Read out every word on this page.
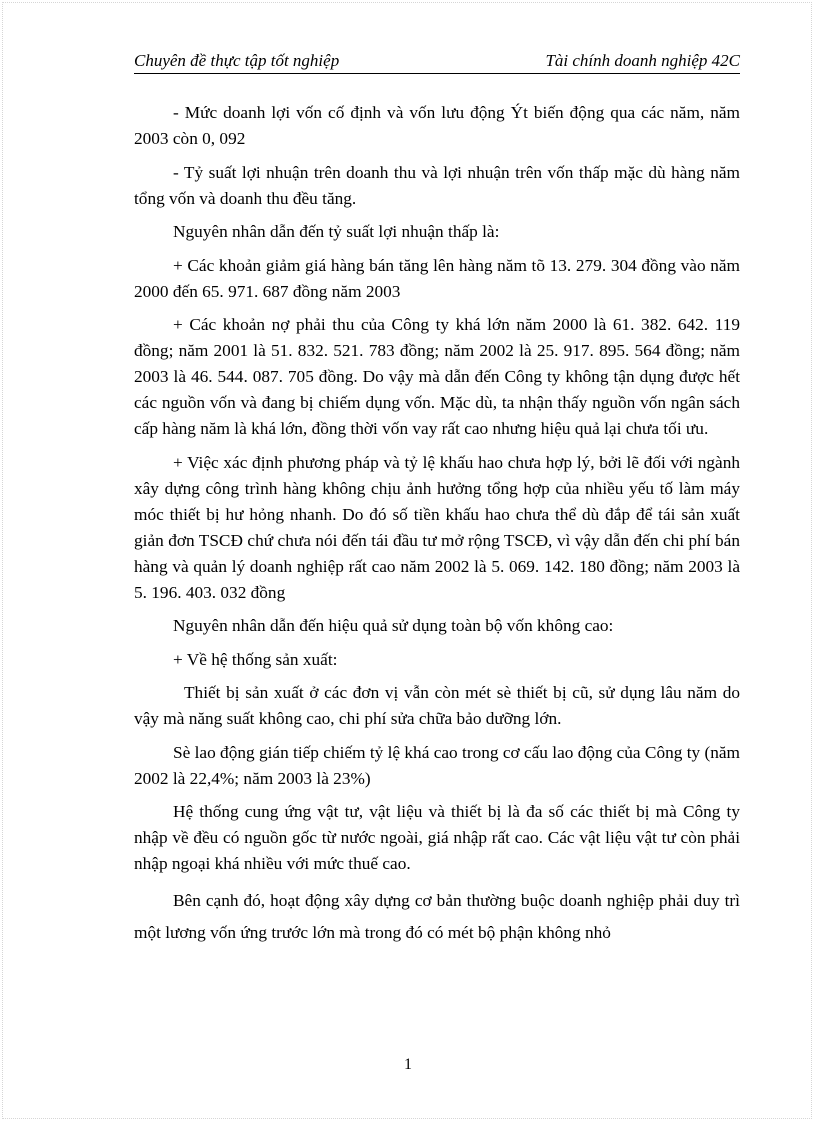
Chuyên đề thực tập tốt nghiệp	Tài chính doanh nghiệp 42C

- Mức doanh lợi vốn cố định và vốn lưu động Ýt biến động qua các năm, năm 2003 còn 0, 092

- Tỷ suất lợi nhuận trên doanh thu và lợi nhuận trên vốn thấp mặc dù hàng năm tổng vốn và doanh thu đều tăng.

Nguyên nhân dẫn đến tỷ suất lợi nhuận thấp là:

+ Các khoản giảm giá hàng bán tăng lên hàng năm tõ 13. 279. 304 đồng vào năm 2000 đến 65. 971. 687 đồng năm 2003

+ Các khoản nợ phải thu của Công ty khá lớn năm 2000 là 61. 382. 642. 119 đồng; năm 2001 là 51. 832. 521. 783 đồng; năm 2002 là 25. 917. 895. 564 đồng; năm 2003 là 46. 544. 087. 705 đồng. Do vậy mà dẫn đến Công ty không tận dụng được hết các nguồn vốn và đang bị chiếm dụng vốn. Mặc dù, ta nhận thấy nguồn vốn ngân sách cấp hàng năm là khá lớn, đồng thời vốn vay rất cao nhưng hiệu quả lại chưa tối ưu.

+ Việc xác định phương pháp và tỷ lệ khấu hao chưa hợp lý, bởi lẽ đối với ngành xây dựng công trình hàng không chịu ảnh hưởng tổng hợp của nhiều yếu tố làm máy móc thiết bị hư hỏng nhanh. Do đó số tiền khấu hao chưa thể dù đắp để tái sản xuất giản đơn TSCĐ chứ chưa nói đến tái đầu tư mở rộng TSCĐ, vì vậy dẫn đến chi phí bán hàng và quản lý doanh nghiệp rất cao năm 2002 là 5. 069. 142. 180 đồng; năm 2003 là 5. 196. 403. 032 đồng

Nguyên nhân dẫn đến hiệu quả sử dụng toàn bộ vốn không cao:

+ Về hệ thống sản xuất:

Thiết bị sản xuất ở các đơn vị vẫn còn mét sè thiết bị cũ, sử dụng lâu năm do vậy mà năng suất không cao, chi phí sửa chữa bảo dưỡng lớn.

Sè lao động gián tiếp chiếm tỷ lệ khá cao trong cơ cấu lao động của Công ty (năm 2002 là 22,4%; năm 2003 là 23%)

Hệ thống cung ứng vật tư, vật liệu và thiết bị là đa số các thiết bị mà Công ty nhập về đều có nguồn gốc từ nước ngoài, giá nhập rất cao. Các vật liệu vật tư còn phải nhập ngoại khá nhiều với mức thuế cao.

Bên cạnh đó, hoạt động xây dựng cơ bản thường buộc doanh nghiệp phải duy trì một lương vốn ứng trước lớn mà trong đó có mét bộ phận không nhỏ

1
